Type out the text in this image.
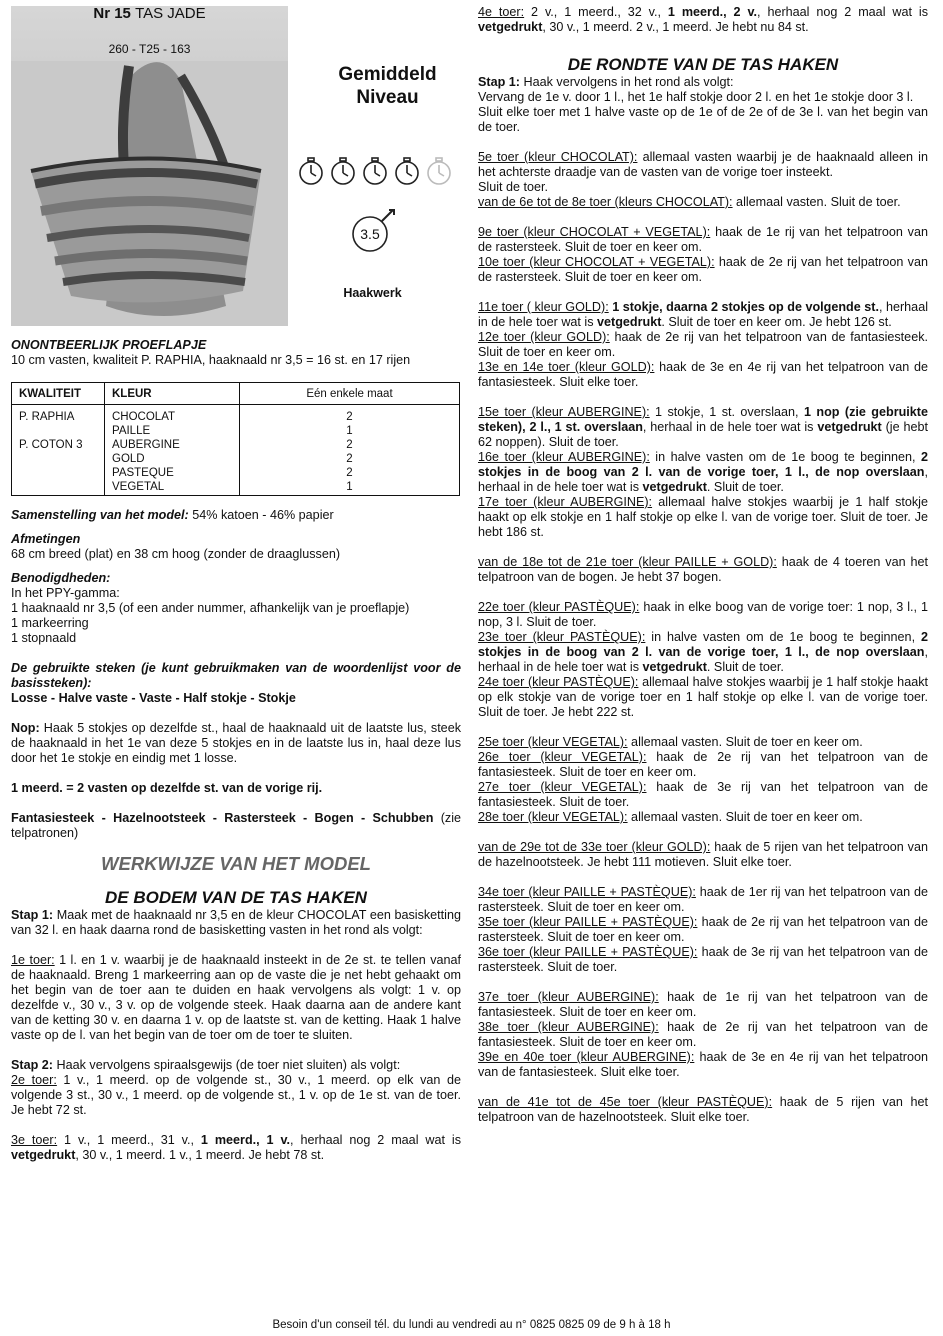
Nr 15 TAS JADE
260 - T25 - 163
Gemiddeld
Niveau
3.5
Haakwerk

ONONTBEERLIJK PROEFLAPJE

10 cm vasten, kwaliteit P. RAPHIA, haaknaald nr 3,5 = 16 st. en 17 rijen

KWALITEIT	KLEUR	Eén enkele maat
P. RAPHIA	CHOCOLAT	2
	PAILLE	1
P. COTON 3	AUBERGINE	2
	GOLD	2
	PASTEQUE	2
	VEGETAL	1

Samenstelling van het model: 54% katoen - 46% papier

Afmetingen

68 cm breed (plat) en 38 cm hoog (zonder de draaglussen)

Benodigdheden:

In het PPY-gamma:

1 haaknaald nr 3,5 (of een ander nummer, afhankelijk van je proeflapje)

1 markeerring

1 stopnaald

De gebruikte steken (je kunt gebruikmaken van de woordenlijst voor de basissteken):

Losse - Halve vaste - Vaste - Half stokje - Stokje

Nop: Haak 5 stokjes op dezelfde st., haal de haaknaald uit de laatste lus, steek de haaknaald in het 1e van deze 5 stokjes en in de laatste lus in, haal deze lus door het 1e stokje en eindig met 1 losse.

1 meerd. = 2 vasten op dezelfde st. van de vorige rij.

Fantasiesteek - Hazelnootsteek - Rastersteek - Bogen - Schubben (zie telpatronen)

WERKWIJZE VAN HET MODEL

DE BODEM VAN DE TAS HAKEN

Stap 1: Maak met de haaknaald nr 3,5 en de kleur CHOCOLAT een basisketting van 32 l. en haak daarna rond de basisketting vasten in het rond als volgt:

1e toer: 1 l. en 1 v. waarbij je de haaknaald insteekt in de 2e st. te tellen vanaf de haaknaald. Breng 1 markeerring aan op de vaste die je net hebt gehaakt om het begin van de toer aan te duiden en haak vervolgens als volgt: 1 v. op dezelfde v., 30 v., 3 v. op de volgende steek. Haak daarna aan de andere kant van de ketting 30 v. en daarna 1 v. op de laatste st. van de ketting. Haak 1 halve vaste op de l. van het begin van de toer om de toer te sluiten.

Stap 2: Haak vervolgens spiraalsgewijs (de toer niet sluiten) als volgt:

2e toer: 1 v., 1 meerd. op de volgende st., 30 v., 1 meerd. op elk van de volgende 3 st., 30 v., 1 meerd. op de volgende st., 1 v. op de 1e st. van de toer. Je hebt 72 st.

3e toer: 1 v., 1 meerd., 31 v., 1 meerd., 1 v., herhaal nog 2 maal wat is vetgedrukt, 30 v., 1 meerd. 1 v., 1 meerd. Je hebt 78 st.

4e toer: 2 v., 1 meerd., 32 v., 1 meerd., 2 v., herhaal nog 2 maal wat is vetgedrukt, 30 v., 1 meerd. 2 v., 1 meerd. Je hebt nu 84 st.

DE RONDTE VAN DE TAS HAKEN

Stap 1: Haak vervolgens in het rond als volgt:

Vervang de 1e v. door 1 l., het 1e half stokje door 2 l. en het 1e stokje door 3 l.

Sluit elke toer met 1 halve vaste op de 1e of de 2e of de 3e l. van het begin van de toer.

5e toer (kleur CHOCOLAT): allemaal vasten waarbij je de haaknaald alleen in het achterste draadje van de vasten van de vorige toer insteekt.

Sluit de toer.

van de 6e tot de 8e toer (kleurs CHOCOLAT): allemaal vasten. Sluit de toer.

9e toer (kleur CHOCOLAT + VEGETAL): haak de 1e rij van het telpatroon van de rastersteek. Sluit de toer en keer om.

10e toer (kleur CHOCOLAT + VEGETAL): haak de 2e rij van het telpatroon van de rastersteek. Sluit de toer en keer om.

11e toer ( kleur GOLD): 1 stokje, daarna 2 stokjes op de volgende st., herhaal in de hele toer wat is vetgedrukt. Sluit de toer en keer om. Je hebt 126 st.

12e toer (kleur GOLD): haak de 2e rij van het telpatroon van de fantasiesteek. Sluit de toer en keer om.

13e en 14e toer (kleur GOLD): haak de 3e en 4e rij van het telpatroon van de fantasiesteek. Sluit elke toer.

15e toer (kleur AUBERGINE): 1 stokje, 1 st. overslaan, 1 nop (zie gebruikte steken), 2 l., 1 st. overslaan, herhaal in de hele toer wat is vetgedrukt (je hebt 62 noppen). Sluit de toer.

16e toer (kleur AUBERGINE): in halve vasten om de 1e boog te beginnen, 2 stokjes in de boog van 2 l. van de vorige toer, 1 l., de nop overslaan, herhaal in de hele toer wat is vetgedrukt. Sluit de toer.

17e toer (kleur AUBERGINE): allemaal halve stokjes waarbij je 1 half stokje haakt op elk stokje en 1 half stokje op elke l. van de vorige toer. Sluit de toer. Je hebt 186 st.

van de 18e tot de 21e toer (kleur PAILLE + GOLD): haak de 4 toeren van het telpatroon van de bogen. Je hebt 37 bogen.

22e toer (kleur PASTÈQUE): haak in elke boog van de vorige toer: 1 nop, 3 l., 1 nop, 3 l. Sluit de toer.

23e toer (kleur PASTÈQUE): in halve vasten om de 1e boog te beginnen, 2 stokjes in de boog van 2 l. van de vorige toer, 1 l., de nop overslaan, herhaal in de hele toer wat is vetgedrukt. Sluit de toer.

24e toer (kleur PASTÈQUE): allemaal halve stokjes waarbij je 1 half stokje haakt op elk stokje van de vorige toer en 1 half stokje op elke l. van de vorige toer. Sluit de toer. Je hebt 222 st.

25e toer (kleur VEGETAL): allemaal vasten. Sluit de toer en keer om.

26e toer (kleur VEGETAL): haak de 2e rij van het telpatroon van de fantasiesteek. Sluit de toer en keer om.

27e toer (kleur VEGETAL): haak de 3e rij van het telpatroon van de fantasiesteek. Sluit de toer.

28e toer (kleur VEGETAL): allemaal vasten. Sluit de toer en keer om.

van de 29e tot de 33e toer (kleur GOLD): haak de 5 rijen van het telpatroon van de hazelnootsteek. Je hebt 111 motieven. Sluit elke toer.

34e toer (kleur PAILLE + PASTÈQUE): haak de 1er rij van het telpatroon van de rastersteek. Sluit de toer en keer om.

35e toer (kleur PAILLE + PASTÈQUE): haak de 2e rij van het telpatroon van de rastersteek. Sluit de toer en keer om.

36e toer (kleur PAILLE + PASTÈQUE): haak de 3e rij van het telpatroon van de rastersteek. Sluit de toer.

37e toer (kleur AUBERGINE): haak de 1e rij van het telpatroon van de fantasiesteek. Sluit de toer en keer om.

38e toer (kleur AUBERGINE): haak de 2e rij van het telpatroon van de fantasiesteek. Sluit de toer en keer om.

39e en 40e toer (kleur AUBERGINE): haak de 3e en 4e rij van het telpatroon van de fantasiesteek. Sluit elke toer.

van de 41e tot de 45e toer (kleur PASTÈQUE): haak de 5 rijen van het telpatroon van de hazelnootsteek. Sluit elke toer.

Besoin d'un conseil tél. du lundi au vendredi au n° 0825 0825 09 de 9 h à 18 h
